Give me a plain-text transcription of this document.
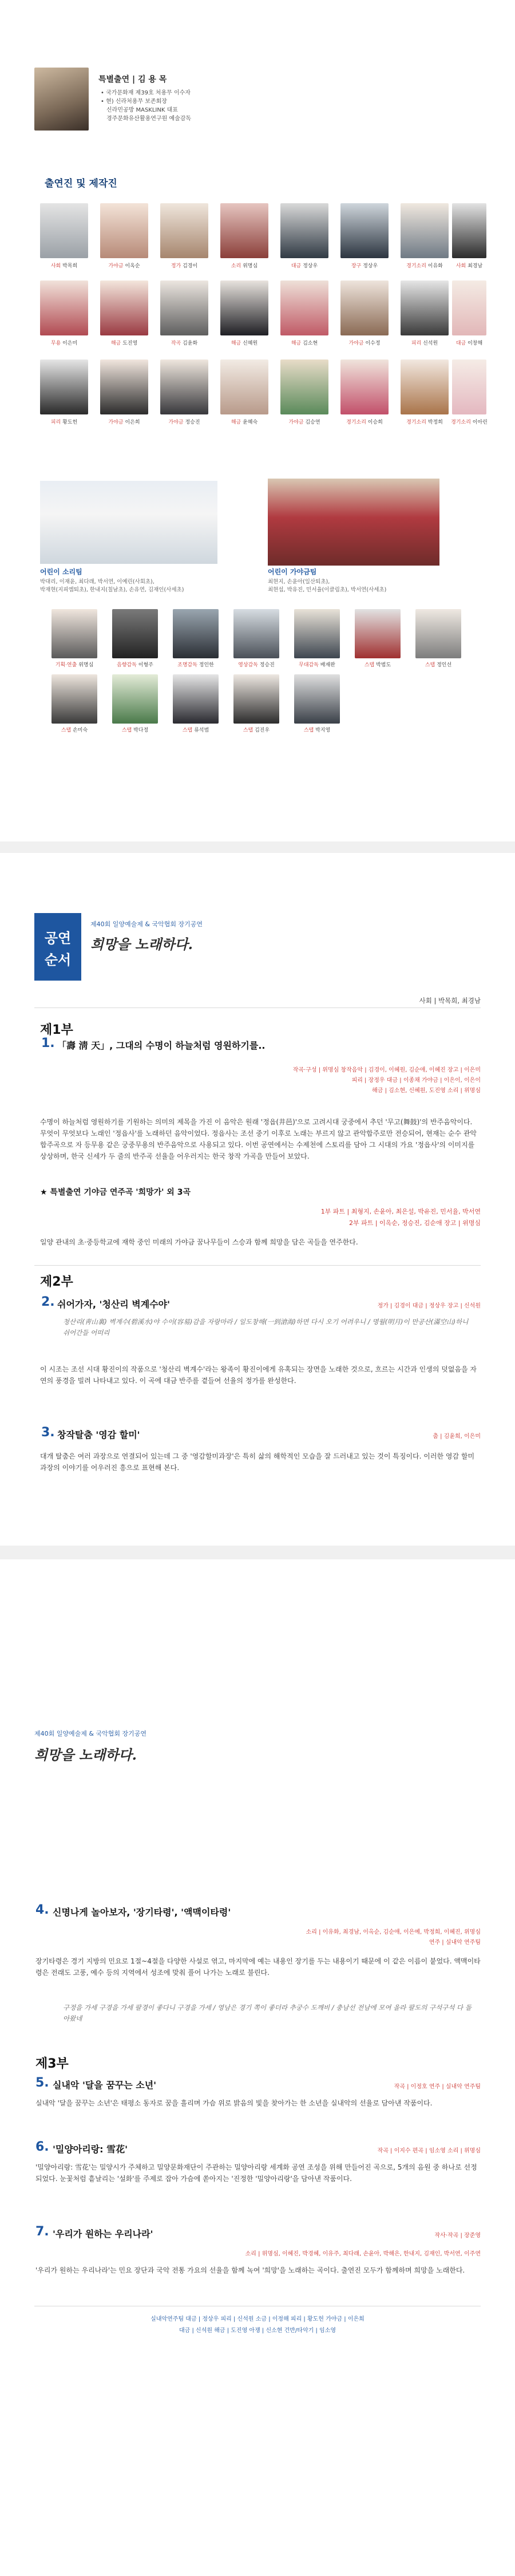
특별출연 | 김 용 목
• 국가문화재 제39호 처용무 이수자
• 현) 신라처용무 보존회장
신라민공방 MASKLINK 대표
경주문화유산활용연구원 예술감독
출연진 및 제작진
사회 박목희	가야금 이옥순	정가 김경이	소리 위명심	대금 정상우	장구 정상우	경기소리 이유화	사회 최경남
무용 이은미	해금 도진영	작곡 김윤화	해금 신혜원	해금 김소현	가야금 이수정	피리 신석원	대금 이창해
피리 황도헌	가야금 이은희	가야금 정승진	해금 윤혜숙	가야금 김승연	경기소리 이승희	경기소리 박정희	경기소리 이아린
어린이 소리팀
박대리, 이재윤, 최다래, 박서연, 이예린(사회초),
박재현(지피엠퇴초), 한내지(칠남초), 손유연, 김재인(사세초)
어린이 가야금팀
최현지, 손윤아(일산퇴초),
최현섭, 박유진, 민서율(이클림초), 박서연(사세초)
기획·연출 위명심	음향감독 이형주	조명감독 정인한	영상감독 정승진	무대감독 배재완	스탭 박범도	스탭 정인선
스탭 손미숙	스탭 박다정	스탭 류석범	스탭 김진우	스탭 박지영
공연
순서
제40회 일양예술제 & 국악협회 장기공연
희망을 노래하다.
사회 | 박목희, 최경남
제1부
1. 「壽 淸 天」, 그대의 수명이 하늘처럼 영원하기를..
작곡·구성 | 위명심 창작음악 | 김경이, 이혜원, 김순애, 이혜진 장고 | 이은미
피리 | 장정우 대금 | 이종채 가야금 | 이은이, 이은이
해금 | 김소현, 신혜원, 도진영 소리 | 위명심
수명이 하늘처럼 영원하기를 기원하는 의미의 제목을 가진 이 음악은 원래 '정읍(井邑)'으로 고려시대 궁중에서 추던 '무고(舞鼓)'의 반주음악이다. 무엇이 무엇보다 노래인 '정읍사'를 노래하던 음악이었다. 정읍사는 조선 중기 이후로 노래는 부르지 않고 관악합주로만 전승되어, 현재는 순수 관악합주곡으로 자 등무용 같은 궁중무용의 반주음악으로 사용되고 있다. 이번 공연에서는 수제천에 스토리를 담아 그 시대의 가요 '정읍사'의 이미지를 상상하며, 한국 신세가 두 줄의 반주곡 선율을 어우러지는 한국 창작 가곡을 만들어 보았다.
★ 특별출연 기야금 연주곡 '희망가' 외 3곡
1부 파트 | 최형지, 손윤아, 최은설, 박유진, 민서율, 박서연
2부 파트 | 이옥순, 정승진, 김순애 장고 | 위명심
일양 관내의 초·중등학교에 재학 중인 미래의 가야금 꿈나무들이 스승과 함께 희망을 담은 곡들을 연주한다.
제2부
2. 쉬어가자, '청산리 벽계수야'	정가 | 김경이 대금 | 정상우 장고 | 신석원
청산리(靑山裏) 벽계수(碧溪水)야 수이(容易)감을 자랑마라 / 일도창해(一到滄海)하면 다시 오기 어려우니 / 명월(明月)이 만공산(滿空山)하니 쉬어간들 어떠리
이 시조는 조선 시대 황진이의 작품으로 '청산리 벽계수'라는 왕족이 황진이에게 유혹되는 장면을 노래한 것으로, 흐르는 시간과 인생의 덧없음을 자연의 풍경을 빌려 나타내고 있다. 이 곡에 대금 반주를 곁들여 선율의 정가를 완성한다.
3. 창작탈춤 '영감 할미'	춤 | 김윤희, 이은미
대개 탈춤은 여러 과장으로 연결되어 있는데 그 중 '영감할미과장'은 특히 삶의 해학적인 모습을 잘 드러내고 있는 것이 특징이다. 이러한 영감 할미 과장의 이야기를 어우러진 흥으로 표현해 본다.
제40회 일양예술제 & 국악협회 장기공연
희망을 노래하다.
4. 신명나게 놀아보자, '장기타령', '액맥이타령'
소리 | 이유화, 최경남, 이옥순, 김순애, 이은예, 박정희, 이혜진, 위명심
연주 | 실내악 연주팀
장기타령은 경기 지방의 민요로 1절~4절을 다양한 사설로 엮고, 마지막에 예는 내용인 장기를 두는 내용이기 때문에 이 같은 이름이 붙었다. 액맥이타령은 전래도 고풍, 예수 등의 지역에서 성조에 맞춰 풀어 나가는 노래로 불린다.
구정을 가세 구경을 가세 팔경이 좋다니 구경을 가세 / 영남은 경기 쪽이 좋더라 추궁수 도깨비 / 충남선 전남에 모여 올라 팔도의 구석구석 다 돌아왔네
제3부
5. 실내악 '달을 꿈꾸는 소년'	작곡 | 이정호 연주 | 실내악 연주팀
실내악 '달을 꿈꾸는 소년'은 태평소 동자로 꿈을 흘리며 가슴 위로 밝음의 빛을 찾아가는 한 소년을 실내악의 선율로 담아낸 작품이다.
6. '밀양아리랑: 雪花'	작곡 | 이지수 편곡 | 임소영 소리 | 위명심
'밀양아리랑: 雪花'는 밀양시가 주체하고 밀양문화재단이 주관하는 밀양아리랑 세계화 공연 조성을 위해 만들어진 곡으로, 5개의 음원 중 하나로 선정되었다. 눈꽃처럼 흩날리는 '설화'를 주제로 잡아 가슴에 쏟아지는 '진정한 '밀양아리랑'을 담아낸 작품이다.
7. '우리가 원하는 우리나라'	작사·작곡 | 장준영
소리 | 위명심, 이혜진, 박경혜, 이유주, 최다래, 손윤아, 박해은, 한내지, 김재인, 박서연, 이주연
'우리가 원하는 우리나라'는 민요 장단과 국악 전통 가요의 선율을 함께 녹여 '희망'을 노래하는 곡이다. 출연진 모두가 함께하며 희망을 노래한다.
실내악연주팀 대금 | 정상우 피리 | 신석원 소금 | 이정해 피리 | 황도헌 가야금 | 이은희
대금 | 신석원 해금 | 도진영 아쟁 | 신소현 건반/타악기 | 임소영
